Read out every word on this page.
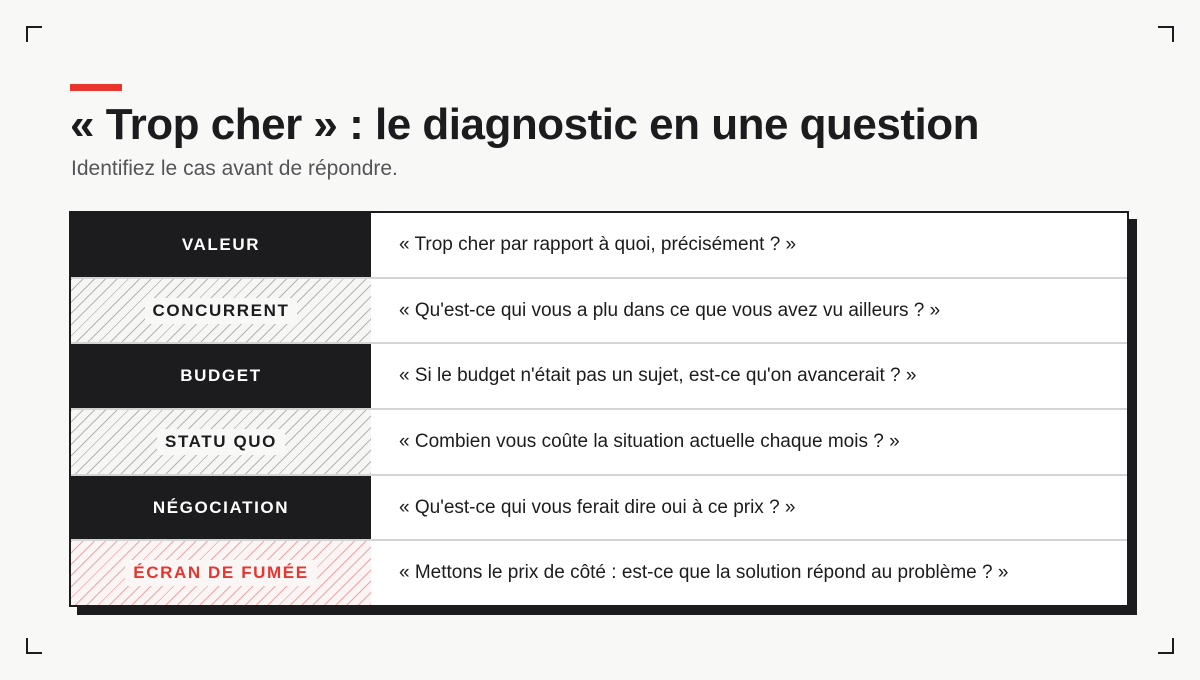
« Trop cher » : le diagnostic en une question

Identifiez le cas avant de répondre.

VALEUR	« Trop cher par rapport à quoi, précisément ? »
CONCURRENT	« Qu'est-ce qui vous a plu dans ce que vous avez vu ailleurs ? »
BUDGET	« Si le budget n'était pas un sujet, est-ce qu'on avancerait ? »
STATU QUO	« Combien vous coûte la situation actuelle chaque mois ? »
NÉGOCIATION	« Qu'est-ce qui vous ferait dire oui à ce prix ? »
ÉCRAN DE FUMÉE	« Mettons le prix de côté : est-ce que la solution répond au problème ? »
